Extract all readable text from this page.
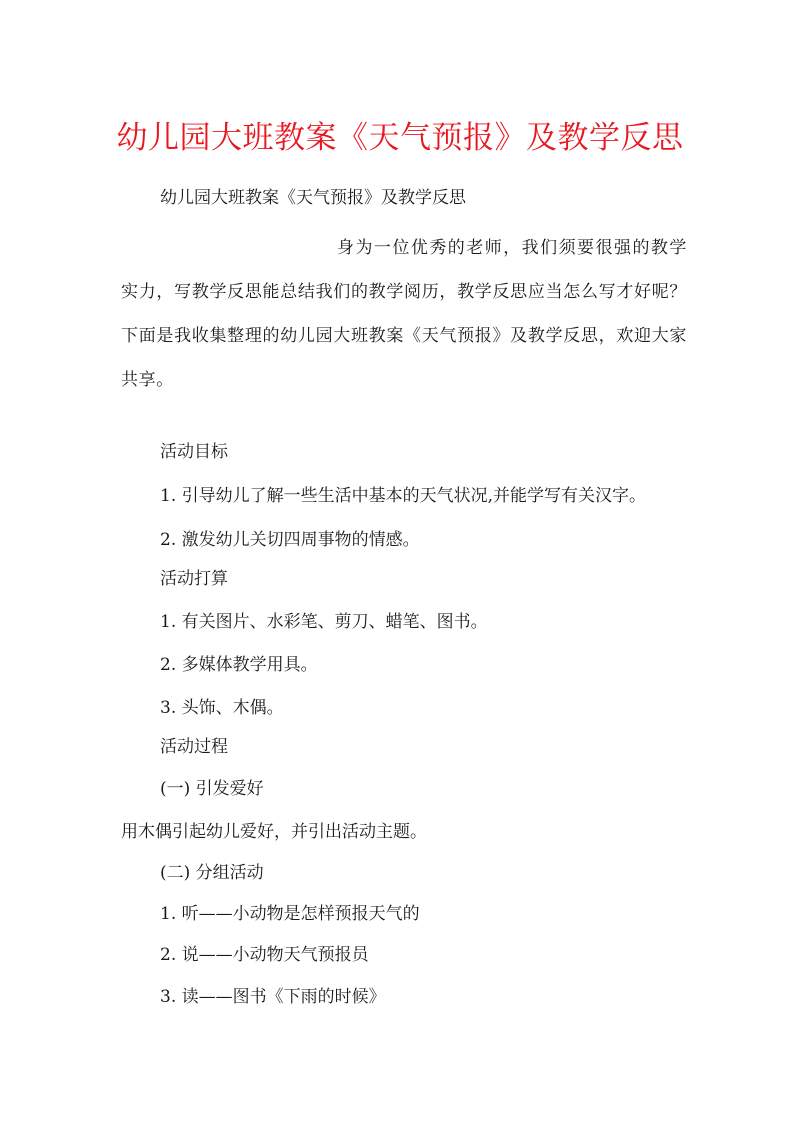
幼儿园大班教案《天气预报》及教学反思

幼儿园大班教案《天气预报》及教学反思

身为一位优秀的老师，我们须要很强的教学实力，写教学反思能总结我们的教学阅历，教学反思应当怎么写才好呢？下面是我收集整理的幼儿园大班教案《天气预报》及教学反思，欢迎大家共享。

活动目标

1. 引导幼儿了解一些生活中基本的天气状况,并能学写有关汉字。

2. 激发幼儿关切四周事物的情感。

活动打算

1. 有关图片、水彩笔、剪刀、蜡笔、图书。

2. 多媒体教学用具。

3. 头饰、木偶。

活动过程

(一) 引发爱好

用木偶引起幼儿爱好，并引出活动主题。

(二) 分组活动

1. 听——小动物是怎样预报天气的

2. 说——小动物天气预报员

3. 读——图书《下雨的时候》
